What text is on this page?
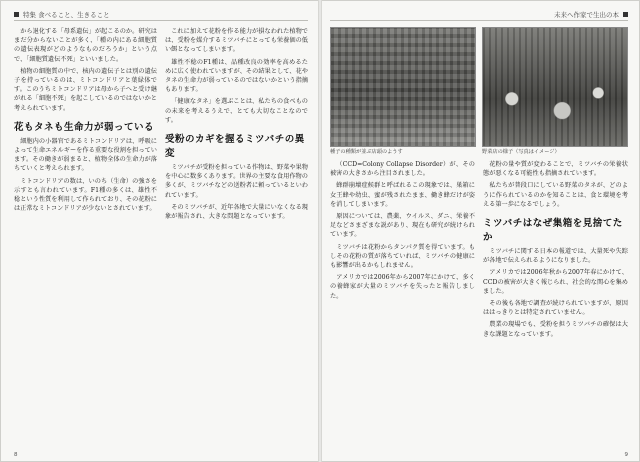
特集 食べること、生きること

から退化する「母系遺伝」が起こるのか。研究はまだ分からないことが多く、「種の内にある細胞質の遺伝表現がどのようなものだろうか」という点で、「細胞質遺伝不死」といいました。

植物の細胞質の中で、核内の遺伝子とは別の遺伝子を持っているのは、ミトコンドリアと葉緑体です。このうちミトコンドリアは母から子へと受け継がれる「細胞不死」を起こしているのではないかと考えられています。

花もタネも生命力が弱っている

細胞内の小器官であるミトコンドリアは、呼吸によって生命エネルギーを作る重要な役割を担っています。その働きが弱まると、植物全体の生命力が落ちていくと考えられます。

ミトコンドリアの数は、いのち（生命）の強さを示すとも言われています。F1種の多くは、雄性不稔という性質を利用して作られており、その花粉には正常なミトコンドリアが少ないとされています。

これに加えて花粉を作る能力が損なわれた植物では、受粉を媒介するミツバチにとっても栄養価の低い餌となってしまいます。

雄性不稔のF1種は、品種改良の効率を高めるために広く使われていますが、その結果として、花やタネの生命力が弱っているのではないかという指摘もあります。

「健康なタネ」を選ぶことは、私たちの食べものの未来を考えるうえで、とても大切なことなのです。

受粉のカギを握るミツバチの異変

ミツバチが受粉を担っている作物は、野菜や果物を中心に数多くあります。世界の主要な食用作物の多くが、ミツバチなどの送粉者に頼っているといわれています。

そのミツバチが、近年各地で大量にいなくなる現象が報告され、大きな問題となっています。

8
未来へ作家で生出の本
種子の種類が並ぶ店頭のようす	野菜店の様子（写真はイメージ）

（CCD=Colony Collapse Disorder）が、その被害の大きさから注目されました。

蜂群崩壊症候群と呼ばれるこの現象では、巣箱に女王蜂や幼虫、蜜が残されたまま、働き蜂だけが姿を消してしまいます。

原因については、農薬、ウイルス、ダニ、栄養不足などさまざまな説があり、現在も研究が続けられています。

ミツバチは花粉からタンパク質を得ています。もしその花粉の質が落ちていれば、ミツバチの健康にも影響が出るかもしれません。

アメリカでは2006年から2007年にかけて、多くの養蜂家が大量のミツバチを失ったと報告しました。

花粉の量や質が変わることで、ミツバチの栄養状態が悪くなる可能性も指摘されています。

私たちが普段口にしている野菜のタネが、どのように作られているのかを知ることは、食と環境を考える第一歩になるでしょう。

ミツバチはなぜ集箱を見捨てたか

ミツバチに関する日本の報道では、大量死や失踪が各地で伝えられるようになりました。

アメリカでは2006年秋から2007年春にかけて、CCDの被害が大きく報じられ、社会的な関心を集めました。

その後も各地で調査が続けられていますが、原因ははっきりとは特定されていません。

農業の現場でも、受粉を担うミツバチの確保は大きな課題となっています。

9
